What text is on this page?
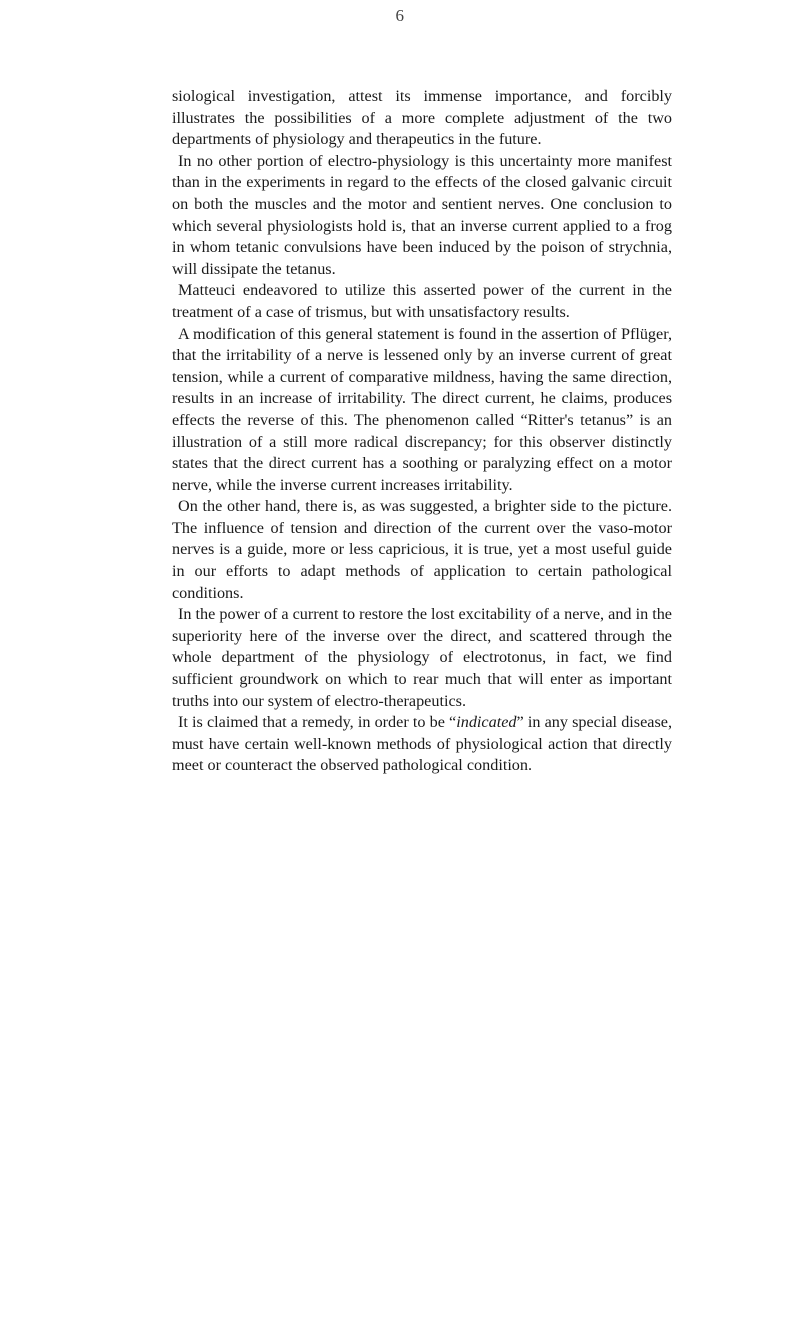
6

siological investigation, attest its immense importance, and forcibly illustrates the possibilities of a more complete adjustment of the two departments of physiology and therapeutics in the future.

In no other portion of electro-physiology is this uncertainty more manifest than in the experiments in regard to the effects of the closed galvanic circuit on both the muscles and the motor and sentient nerves. One conclusion to which several physiologists hold is, that an inverse current applied to a frog in whom tetanic convulsions have been induced by the poison of strychnia, will dissipate the tetanus.

Matteuci endeavored to utilize this asserted power of the current in the treatment of a case of trismus, but with unsatisfactory results.

A modification of this general statement is found in the assertion of Pflüger, that the irritability of a nerve is lessened only by an inverse current of great tension, while a current of comparative mildness, having the same direction, results in an increase of irritability. The direct current, he claims, produces effects the reverse of this. The phenomenon called “Ritter's tetanus” is an illustration of a still more radical discrepancy; for this observer distinctly states that the direct current has a soothing or paralyzing effect on a motor nerve, while the inverse current increases irritability.

On the other hand, there is, as was suggested, a brighter side to the picture. The influence of tension and direction of the current over the vaso-motor nerves is a guide, more or less capricious, it is true, yet a most useful guide in our efforts to adapt methods of application to certain pathological conditions.

In the power of a current to restore the lost excitability of a nerve, and in the superiority here of the inverse over the direct, and scattered through the whole department of the physiology of electrotonus, in fact, we find sufficient groundwork on which to rear much that will enter as important truths into our system of electro-therapeutics.

It is claimed that a remedy, in order to be “indicated” in any special disease, must have certain well-known methods of physiological action that directly meet or counteract the observed pathological condition.
